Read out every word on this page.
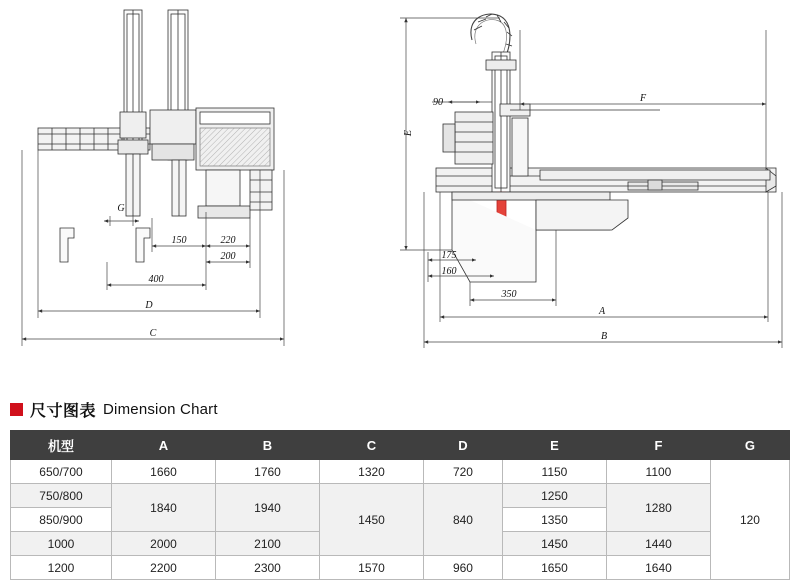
G
150	220
200
400
D
C
90
E
F
175
160
350
A
B
尺寸图表 Dimension Chart
机型	A	B	C	D	E	F	G
650/700	1660	1760	1320	720	1150	1100	120
750/800	1840	1940	1450	840	1250	1280	
850/900					1350		
1000	2000	2100			1450	1440	
1200	2200	2300	1570	960	1650	1640	
